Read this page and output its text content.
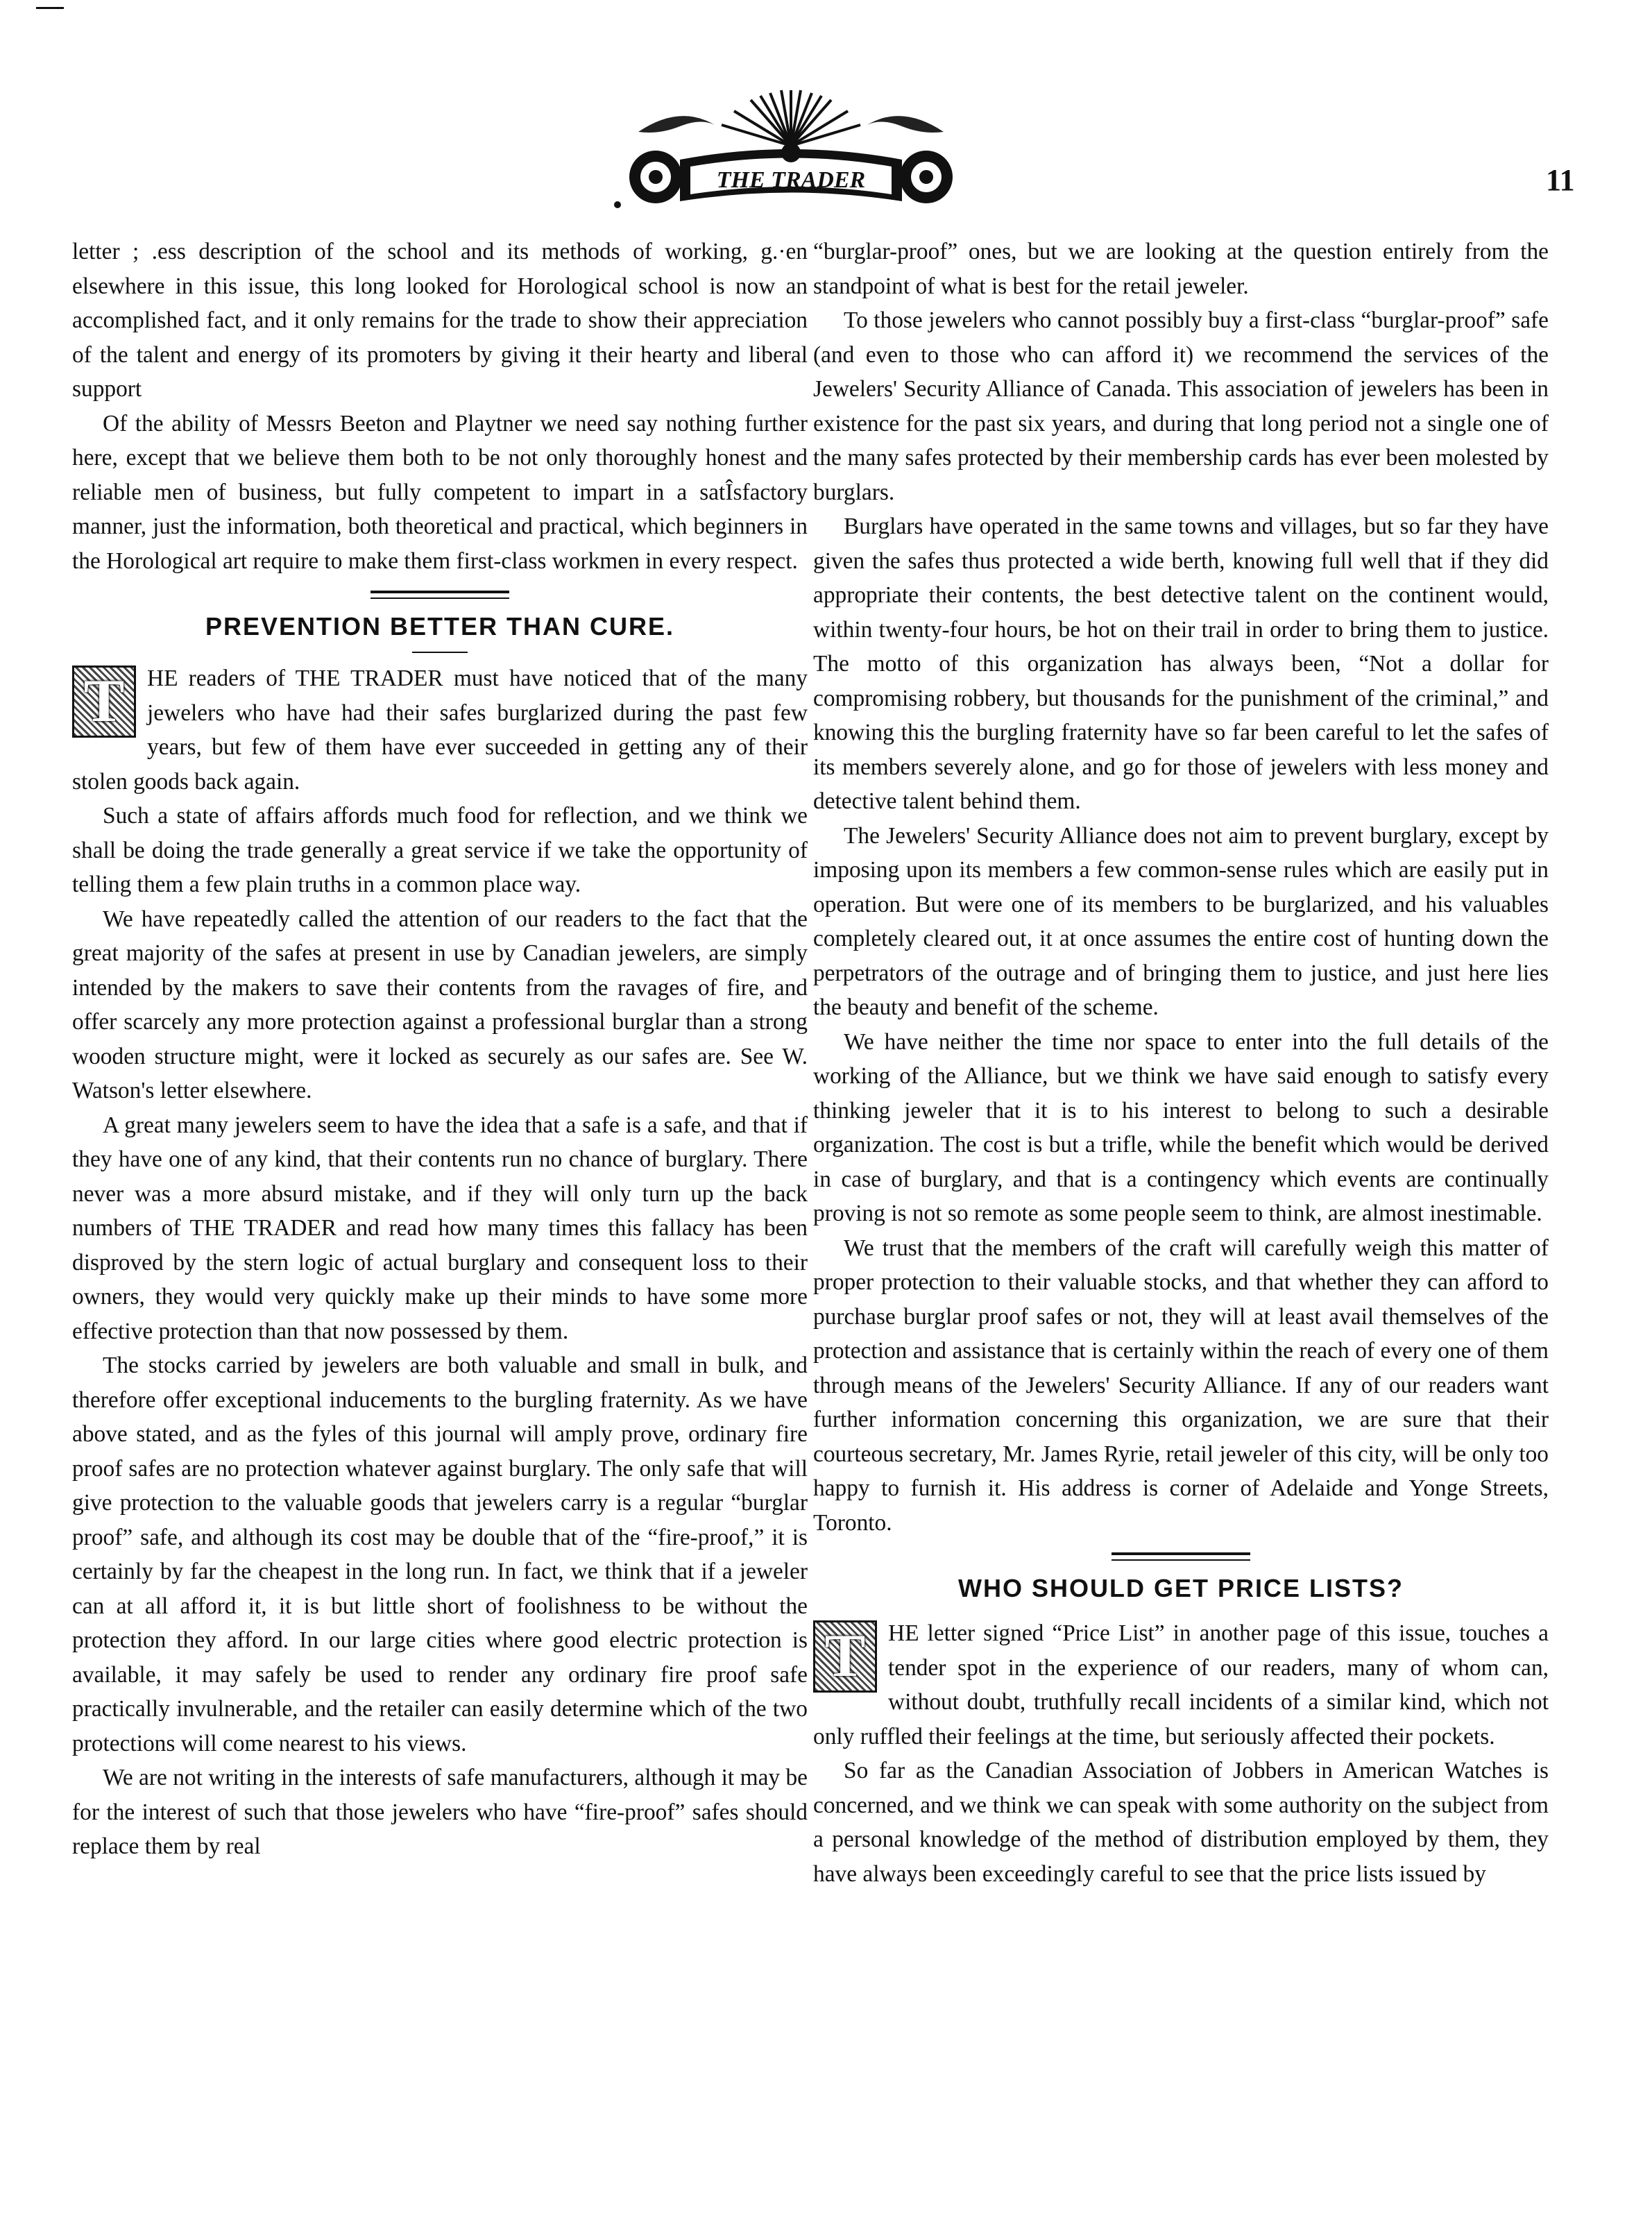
THE TRADER	11

letter ; .ess description of the school and its methods of working, g.·en elsewhere in this issue, this long looked for Horological school is now an accomplished fact, and it only remains for the trade to show their appreciation of the talent and energy of its promoters by giving it their hearty and liberal support

Of the ability of Messrs Beeton and Playtner we need say nothing further here, except that we believe them both to be not only thoroughly honest and reliable men of business, but fully competent to impart in a satÎsfactory manner, just the information, both theoretical and practical, which beginners in the Horological art require to make them first-class workmen in every respect.

PREVENTION BETTER THAN CURE.

T HE readers of THE TRADER must have noticed that of the many jewelers who have had their safes burglarized during the past few years, but few of them have ever succeeded in getting any of their stolen goods back again.

Such a state of affairs affords much food for reflection, and we think we shall be doing the trade generally a great service if we take the opportunity of telling them a few plain truths in a common place way.

We have repeatedly called the attention of our readers to the fact that the great majority of the safes at present in use by Canadian jewelers, are simply intended by the makers to save their contents from the ravages of fire, and offer scarcely any more protection against a professional burglar than a strong wooden structure might, were it locked as securely as our safes are. See W. Watson's letter elsewhere.

A great many jewelers seem to have the idea that a safe is a safe, and that if they have one of any kind, that their contents run no chance of burglary. There never was a more absurd mistake, and if they will only turn up the back numbers of THE TRADER and read how many times this fallacy has been disproved by the stern logic of actual burglary and consequent loss to their owners, they would very quickly make up their minds to have some more effective protection than that now possessed by them.

The stocks carried by jewelers are both valuable and small in bulk, and therefore offer exceptional inducements to the burgling fraternity. As we have above stated, and as the fyles of this journal will amply prove, ordinary fire proof safes are no protection whatever against burglary. The only safe that will give protection to the valuable goods that jewelers carry is a regular “burglar proof” safe, and although its cost may be double that of the “fire-proof,” it is certainly by far the cheapest in the long run. In fact, we think that if a jeweler can at all afford it, it is but little short of foolishness to be without the protection they afford. In our large cities where good electric protection is available, it may safely be used to render any ordinary fire proof safe practically invulnerable, and the retailer can easily determine which of the two protections will come nearest to his views.

We are not writing in the interests of safe manufacturers, although it may be for the interest of such that those jewelers who have “fire-proof” safes should replace them by real

“burglar-proof” ones, but we are looking at the question entirely from the standpoint of what is best for the retail jeweler.

To those jewelers who cannot possibly buy a first-class “burglar-proof” safe (and even to those who can afford it) we recommend the services of the Jewelers' Security Alliance of Canada. This association of jewelers has been in existence for the past six years, and during that long period not a single one of the many safes protected by their membership cards has ever been molested by burglars.

Burglars have operated in the same towns and villages, but so far they have given the safes thus protected a wide berth, knowing full well that if they did appropriate their contents, the best detective talent on the continent would, within twenty-four hours, be hot on their trail in order to bring them to justice. The motto of this organization has always been, “Not a dollar for compromising robbery, but thousands for the punishment of the criminal,” and knowing this the burgling fraternity have so far been careful to let the safes of its members severely alone, and go for those of jewelers with less money and detective talent behind them.

The Jewelers' Security Alliance does not aim to prevent burglary, except by imposing upon its members a few common-sense rules which are easily put in operation. But were one of its members to be burglarized, and his valuables completely cleared out, it at once assumes the entire cost of hunting down the perpetrators of the outrage and of bringing them to justice, and just here lies the beauty and benefit of the scheme.

We have neither the time nor space to enter into the full details of the working of the Alliance, but we think we have said enough to satisfy every thinking jeweler that it is to his interest to belong to such a desirable organization. The cost is but a trifle, while the benefit which would be derived in case of burglary, and that is a contingency which events are continually proving is not so remote as some people seem to think, are almost inestimable.

We trust that the members of the craft will carefully weigh this matter of proper protection to their valuable stocks, and that whether they can afford to purchase burglar proof safes or not, they will at least avail themselves of the protection and assistance that is certainly within the reach of every one of them through means of the Jewelers' Security Alliance. If any of our readers want further information concerning this organization, we are sure that their courteous secretary, Mr. James Ryrie, retail jeweler of this city, will be only too happy to furnish it. His address is corner of Adelaide and Yonge Streets, Toronto.

WHO SHOULD GET PRICE LISTS?

T HE letter signed “Price List” in another page of this issue, touches a tender spot in the experience of our readers, many of whom can, without doubt, truthfully recall incidents of a similar kind, which not only ruffled their feelings at the time, but seriously affected their pockets.

So far as the Canadian Association of Jobbers in American Watches is concerned, and we think we can speak with some authority on the subject from a personal knowledge of the method of distribution employed by them, they have always been exceedingly careful to see that the price lists issued by
